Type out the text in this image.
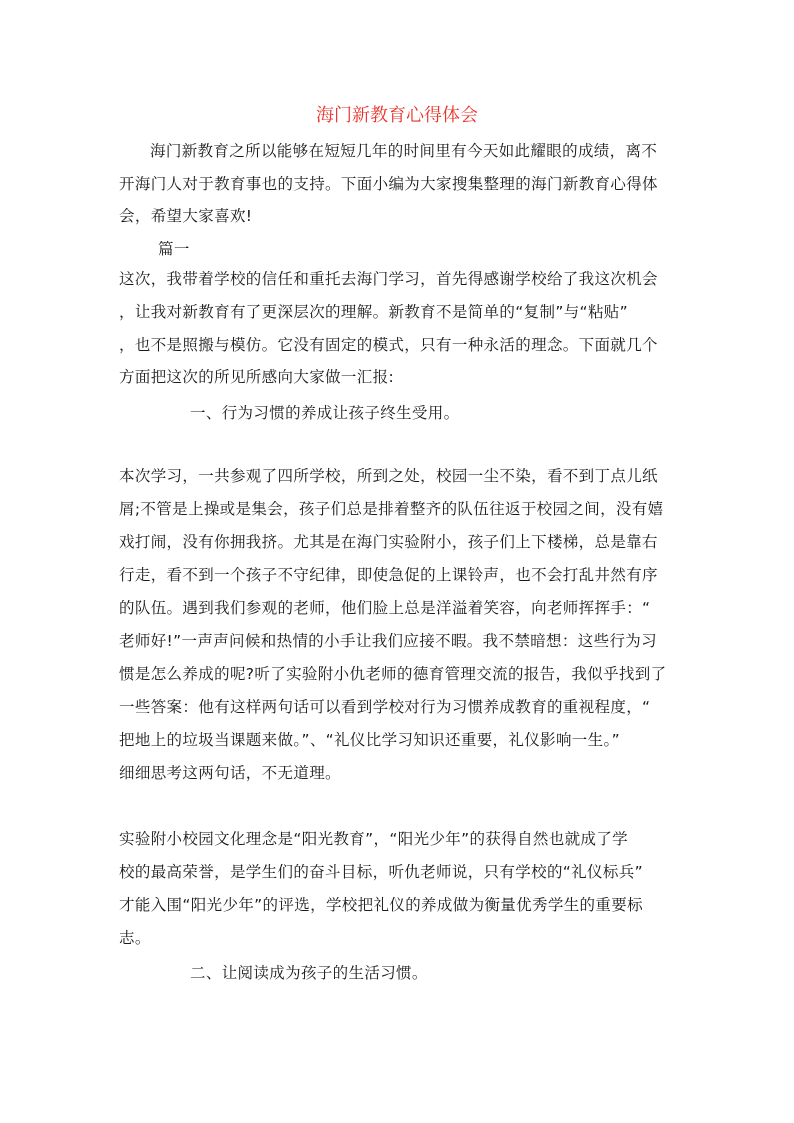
海门新教育心得体会
海门新教育之所以能够在短短几年的时间里有今天如此耀眼的成绩，离不
开海门人对于教育事也的支持。下面小编为大家搜集整理的海门新教育心得体
会，希望大家喜欢!
篇一
这次，我带着学校的信任和重托去海门学习，首先得感谢学校给了我这次机会
，让我对新教育有了更深层次的理解。新教育不是简单的“复制”与“粘贴”
，也不是照搬与模仿。它没有固定的模式，只有一种永活的理念。下面就几个
方面把这次的所见所感向大家做一汇报:
一、行为习惯的养成让孩子终生受用。
本次学习，一共参观了四所学校，所到之处，校园一尘不染，看不到丁点儿纸
屑;不管是上操或是集会，孩子们总是排着整齐的队伍往返于校园之间，没有嬉
戏打闹，没有你拥我挤。尤其是在海门实验附小，孩子们上下楼梯，总是靠右
行走，看不到一个孩子不守纪律，即使急促的上课铃声，也不会打乱井然有序
的队伍。遇到我们参观的老师，他们脸上总是洋溢着笑容，向老师挥挥手：“
老师好!”一声声问候和热情的小手让我们应接不暇。我不禁暗想：这些行为习
惯是怎么养成的呢?听了实验附小仇老师的德育管理交流的报告，我似乎找到了
一些答案：他有这样两句话可以看到学校对行为习惯养成教育的重视程度，“
把地上的垃圾当课题来做。”、“礼仪比学习知识还重要，礼仪影响一生。”
细细思考这两句话，不无道理。
实验附小校园文化理念是“阳光教育”，“阳光少年”的获得自然也就成了学
校的最高荣誉，是学生们的奋斗目标，听仇老师说，只有学校的“礼仪标兵”
才能入围“阳光少年”的评选，学校把礼仪的养成做为衡量优秀学生的重要标
志。
二、让阅读成为孩子的生活习惯。
